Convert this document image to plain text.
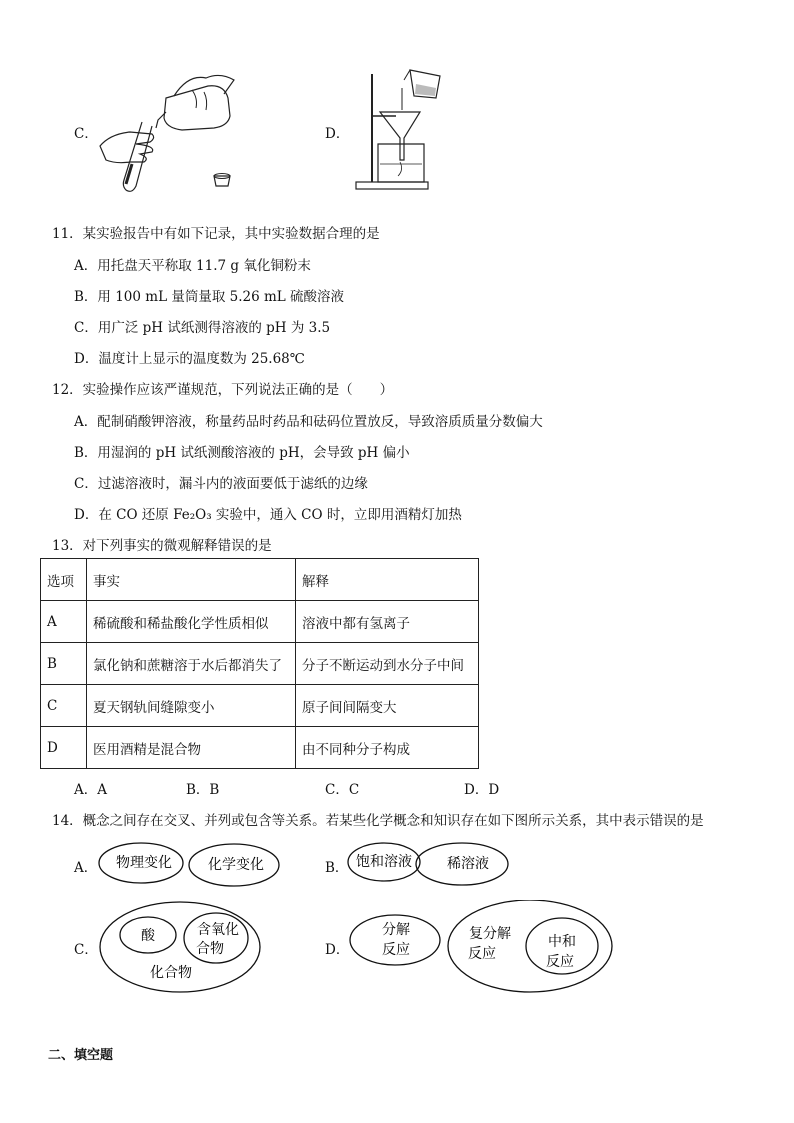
C．	D．
11．某实验报告中有如下记录，其中实验数据合理的是
A．用托盘天平称取 11.7 g 氧化铜粉末
B．用 100 mL 量筒量取 5.26 mL 硫酸溶液
C．用广泛 pH 试纸测得溶液的 pH 为 3.5
D．温度计上显示的温度数为 25.68℃
12．实验操作应该严谨规范，下列说法正确的是（　　）
A．配制硝酸钾溶液，称量药品时药品和砝码位置放反，导致溶质质量分数偏大
B．用湿润的 pH 试纸测酸溶液的 pH，会导致 pH 偏小
C．过滤溶液时，漏斗内的液面要低于滤纸的边缘
D．在 CO 还原 Fe₂O₃ 实验中，通入 CO 时，立即用酒精灯加热
13．对下列事实的微观解释错误的是
选项	事实	解释
A	稀硫酸和稀盐酸化学性质相似	溶液中都有氢离子
B	氯化钠和蔗糖溶于水后都消失了	分子不断运动到水分子中间
C	夏天钢轨间缝隙变小	原子间间隔变大
D	医用酒精是混合物	由不同种分子构成
A．A	B．B	C．C	D．D
14．概念之间存在交叉、并列或包含等关系。若某些化学概念和知识存在如下图所示关系，其中表示错误的是
A． 物理变化	化学变化	B． 饱和溶液	稀溶液
C．
酸	含氧化
合物
化合物
D．
分解
反应
复分解
反应
中和
反应
二、填空题
